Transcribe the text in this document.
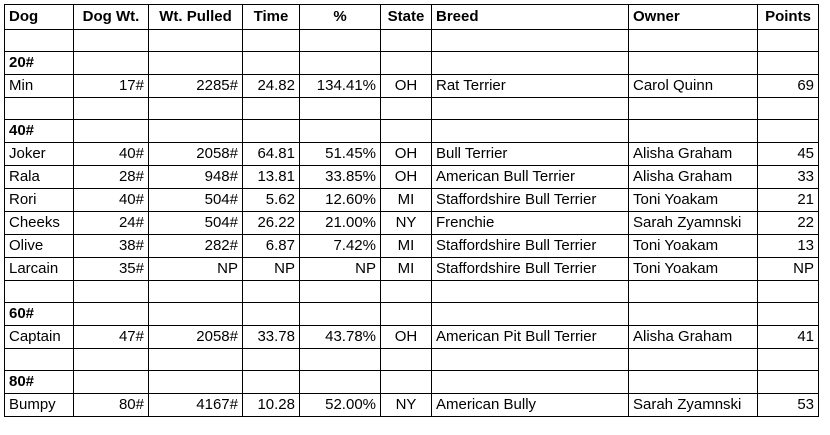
Dog	Dog Wt.	Wt. Pulled	Time	%	State	Breed	Owner	Points

20#								
Min	17#	2285#	24.82	134.41%	OH	Rat Terrier	Carol Quinn	69

40#								
Joker	40#	2058#	64.81	51.45%	OH	Bull Terrier	Alisha Graham	45
Rala	28#	948#	13.81	33.85%	OH	American Bull Terrier	Alisha Graham	33
Rori	40#	504#	5.62	12.60%	MI	Staffordshire Bull Terrier	Toni Yoakam	21
Cheeks	24#	504#	26.22	21.00%	NY	Frenchie	Sarah Zyamnski	22
Olive	38#	282#	6.87	7.42%	MI	Staffordshire Bull Terrier	Toni Yoakam	13
Larcain	35#	NP	NP	NP	MI	Staffordshire Bull Terrier	Toni Yoakam	NP

60#								
Captain	47#	2058#	33.78	43.78%	OH	American Pit Bull Terrier	Alisha Graham	41

80#								
Bumpy	80#	4167#	10.28	52.00%	NY	American Bully	Sarah Zyamnski	53
